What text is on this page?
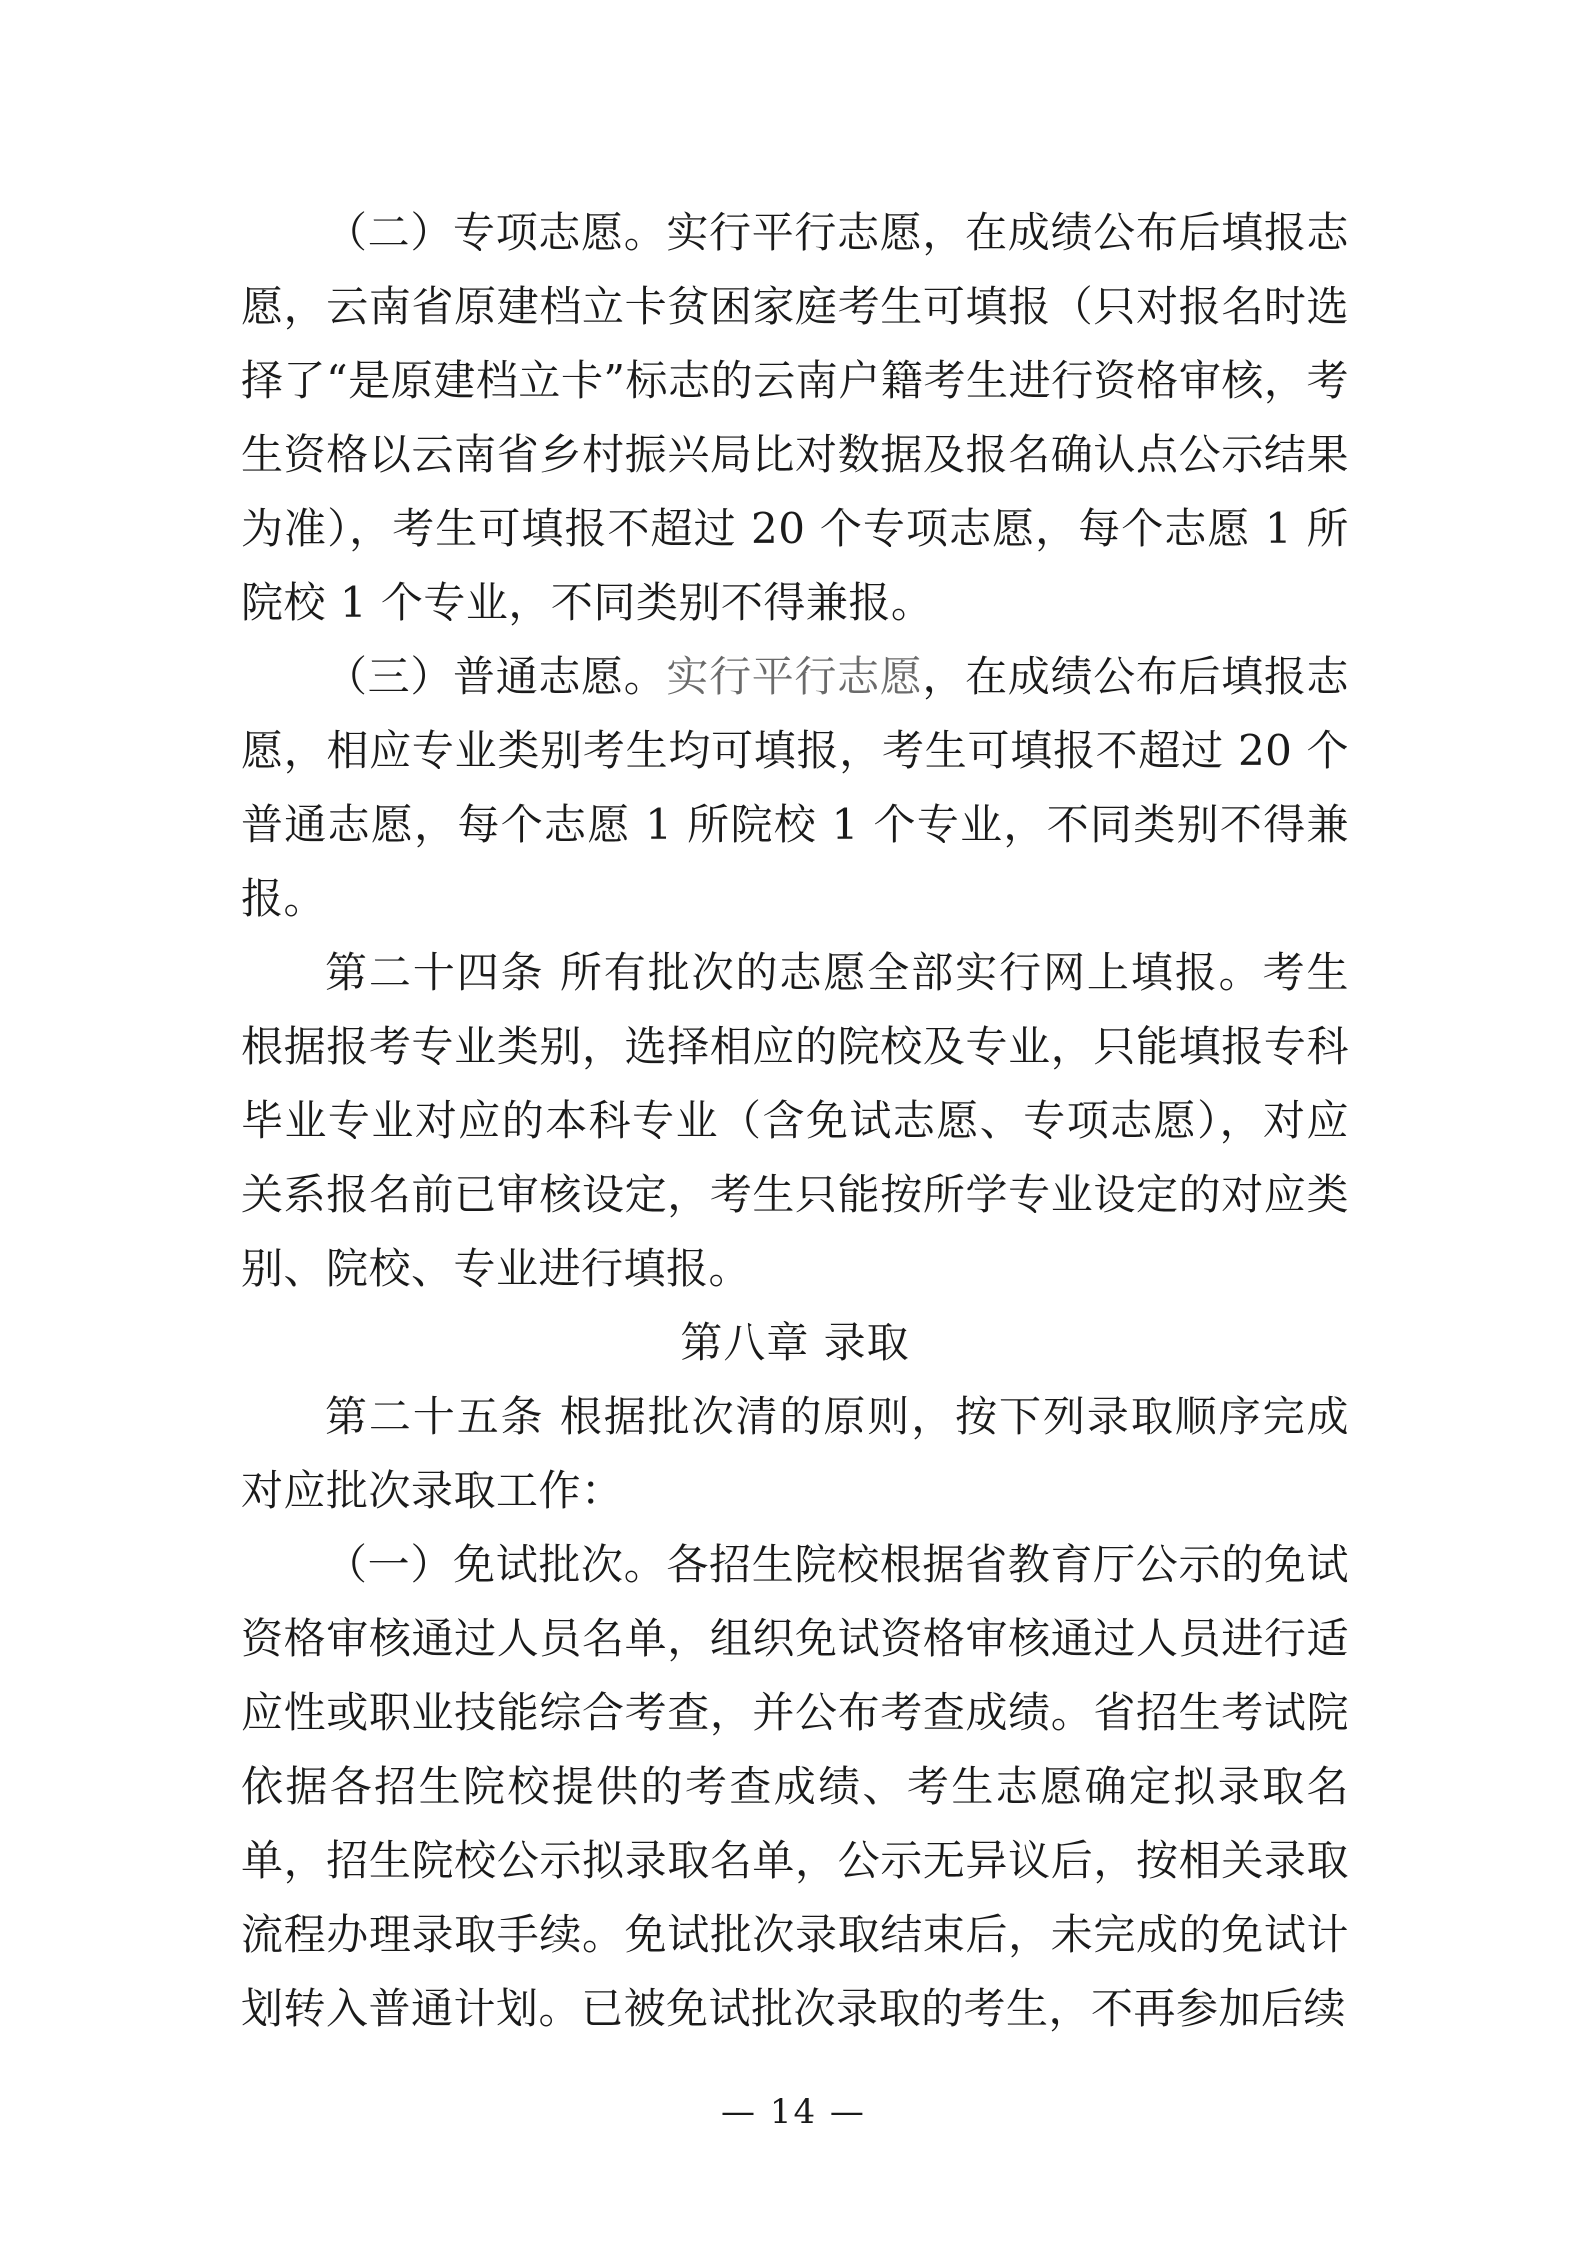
（二）专项志愿。实行平行志愿，在成绩公布后填报志愿，云南省原建档立卡贫困家庭考生可填报（只对报名时选择了“是原建档立卡”标志的云南户籍考生进行资格审核，考生资格以云南省乡村振兴局比对数据及报名确认点公示结果为准），考生可填报不超过 20 个专项志愿，每个志愿 1 所院校 1 个专业，不同类别不得兼报。

（三）普通志愿。实行平行志愿，在成绩公布后填报志愿，相应专业类别考生均可填报，考生可填报不超过 20 个普通志愿，每个志愿 1 所院校 1 个专业，不同类别不得兼报。

第二十四条 所有批次的志愿全部实行网上填报。考生根据报考专业类别，选择相应的院校及专业，只能填报专科毕业专业对应的本科专业（含免试志愿、专项志愿），对应关系报名前已审核设定，考生只能按所学专业设定的对应类别、院校、专业进行填报。

第八章 录取

第二十五条 根据批次清的原则，按下列录取顺序完成对应批次录取工作：

（一）免试批次。各招生院校根据省教育厅公示的免试资格审核通过人员名单，组织免试资格审核通过人员进行适应性或职业技能综合考查，并公布考查成绩。省招生考试院依据各招生院校提供的考查成绩、考生志愿确定拟录取名单，招生院校公示拟录取名单，公示无异议后，按相关录取流程办理录取手续。免试批次录取结束后，未完成的免试计划转入普通计划。已被免试批次录取的考生，不再参加后续

— 14 —
